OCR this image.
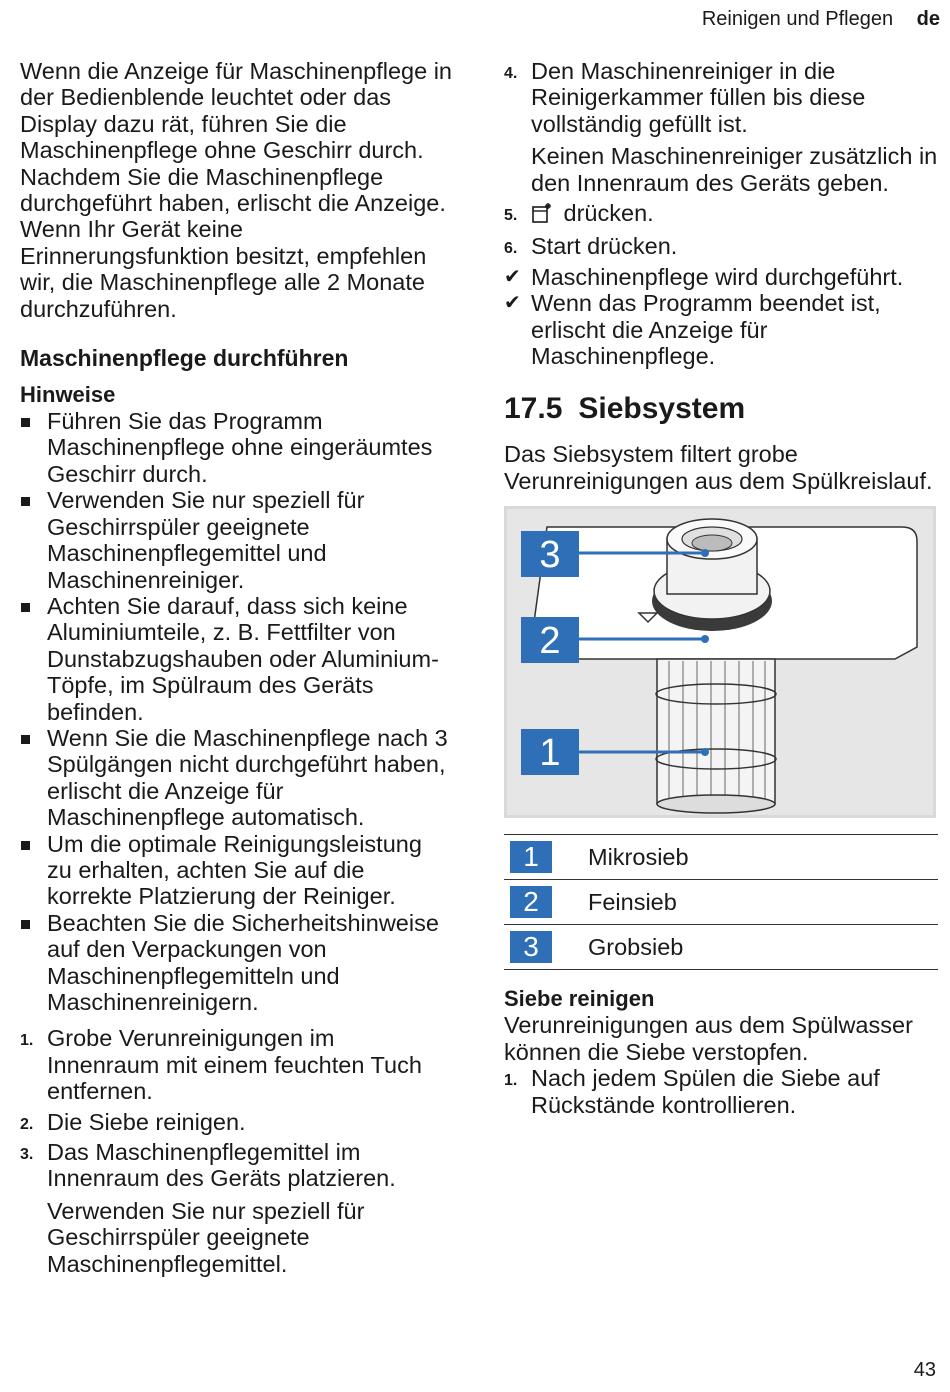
Reinigen und Pflegen de

Wenn die Anzeige für Maschinenpflege in der Bedienblende leuchtet oder das Display dazu rät, führen Sie die Maschinenpflege ohne Geschirr durch. Nachdem Sie die Maschinenpflege durchgeführt haben, erlischt die Anzeige. Wenn Ihr Gerät keine Erinnerungsfunktion besitzt, empfehlen wir, die Maschinenpflege alle 2 Monate durchzuführen.

Maschinenpflege durchführen
Hinweise
Führen Sie das Programm Maschinenpflege ohne eingeräumtes Geschirr durch.
Verwenden Sie nur speziell für Geschirrspüler geeignete Maschinenpflegemittel und Maschinenreiniger.
Achten Sie darauf, dass sich keine Aluminiumteile, z. B. Fettfilter von Dunstabzugshauben oder Aluminium-Töpfe, im Spülraum des Geräts befinden.
Wenn Sie die Maschinenpflege nach 3 Spülgängen nicht durchgeführt haben, erlischt die Anzeige für Maschinenpflege automatisch.
Um die optimale Reinigungsleistung zu erhalten, achten Sie auf die korrekte Platzierung der Reiniger.
Beachten Sie die Sicherheitshinweise auf den Verpackungen von Maschinenpflegemitteln und Maschinenreinigern.
1. Grobe Verunreinigungen im Innenraum mit einem feuchten Tuch entfernen.
2. Die Siebe reinigen.
3. Das Maschinenpflegemittel im Innenraum des Geräts platzieren.

Verwenden Sie nur speziell für Geschirrspüler geeignete Maschinenpflegemittel.

4. Den Maschinenreiniger in die Reinigerkammer füllen bis diese vollständig gefüllt ist.

Keinen Maschinenreiniger zusätzlich in den Innenraum des Geräts geben.

5. drücken.
6. Start drücken.
✔ Maschinenpflege wird durchgeführt.
✔ Wenn das Programm beendet ist, erlischt die Anzeige für Maschinenpflege.
17.5 Siebsystem

Das Siebsystem filtert grobe Verunreinigungen aus dem Spülkreislauf.

3
2
1
1	Mikrosieb
2	Feinsieb
3	Grobsieb
Siebe reinigen

Verunreinigungen aus dem Spülwasser können die Siebe verstopfen.

1. Nach jedem Spülen die Siebe auf Rückstände kontrollieren.
43
